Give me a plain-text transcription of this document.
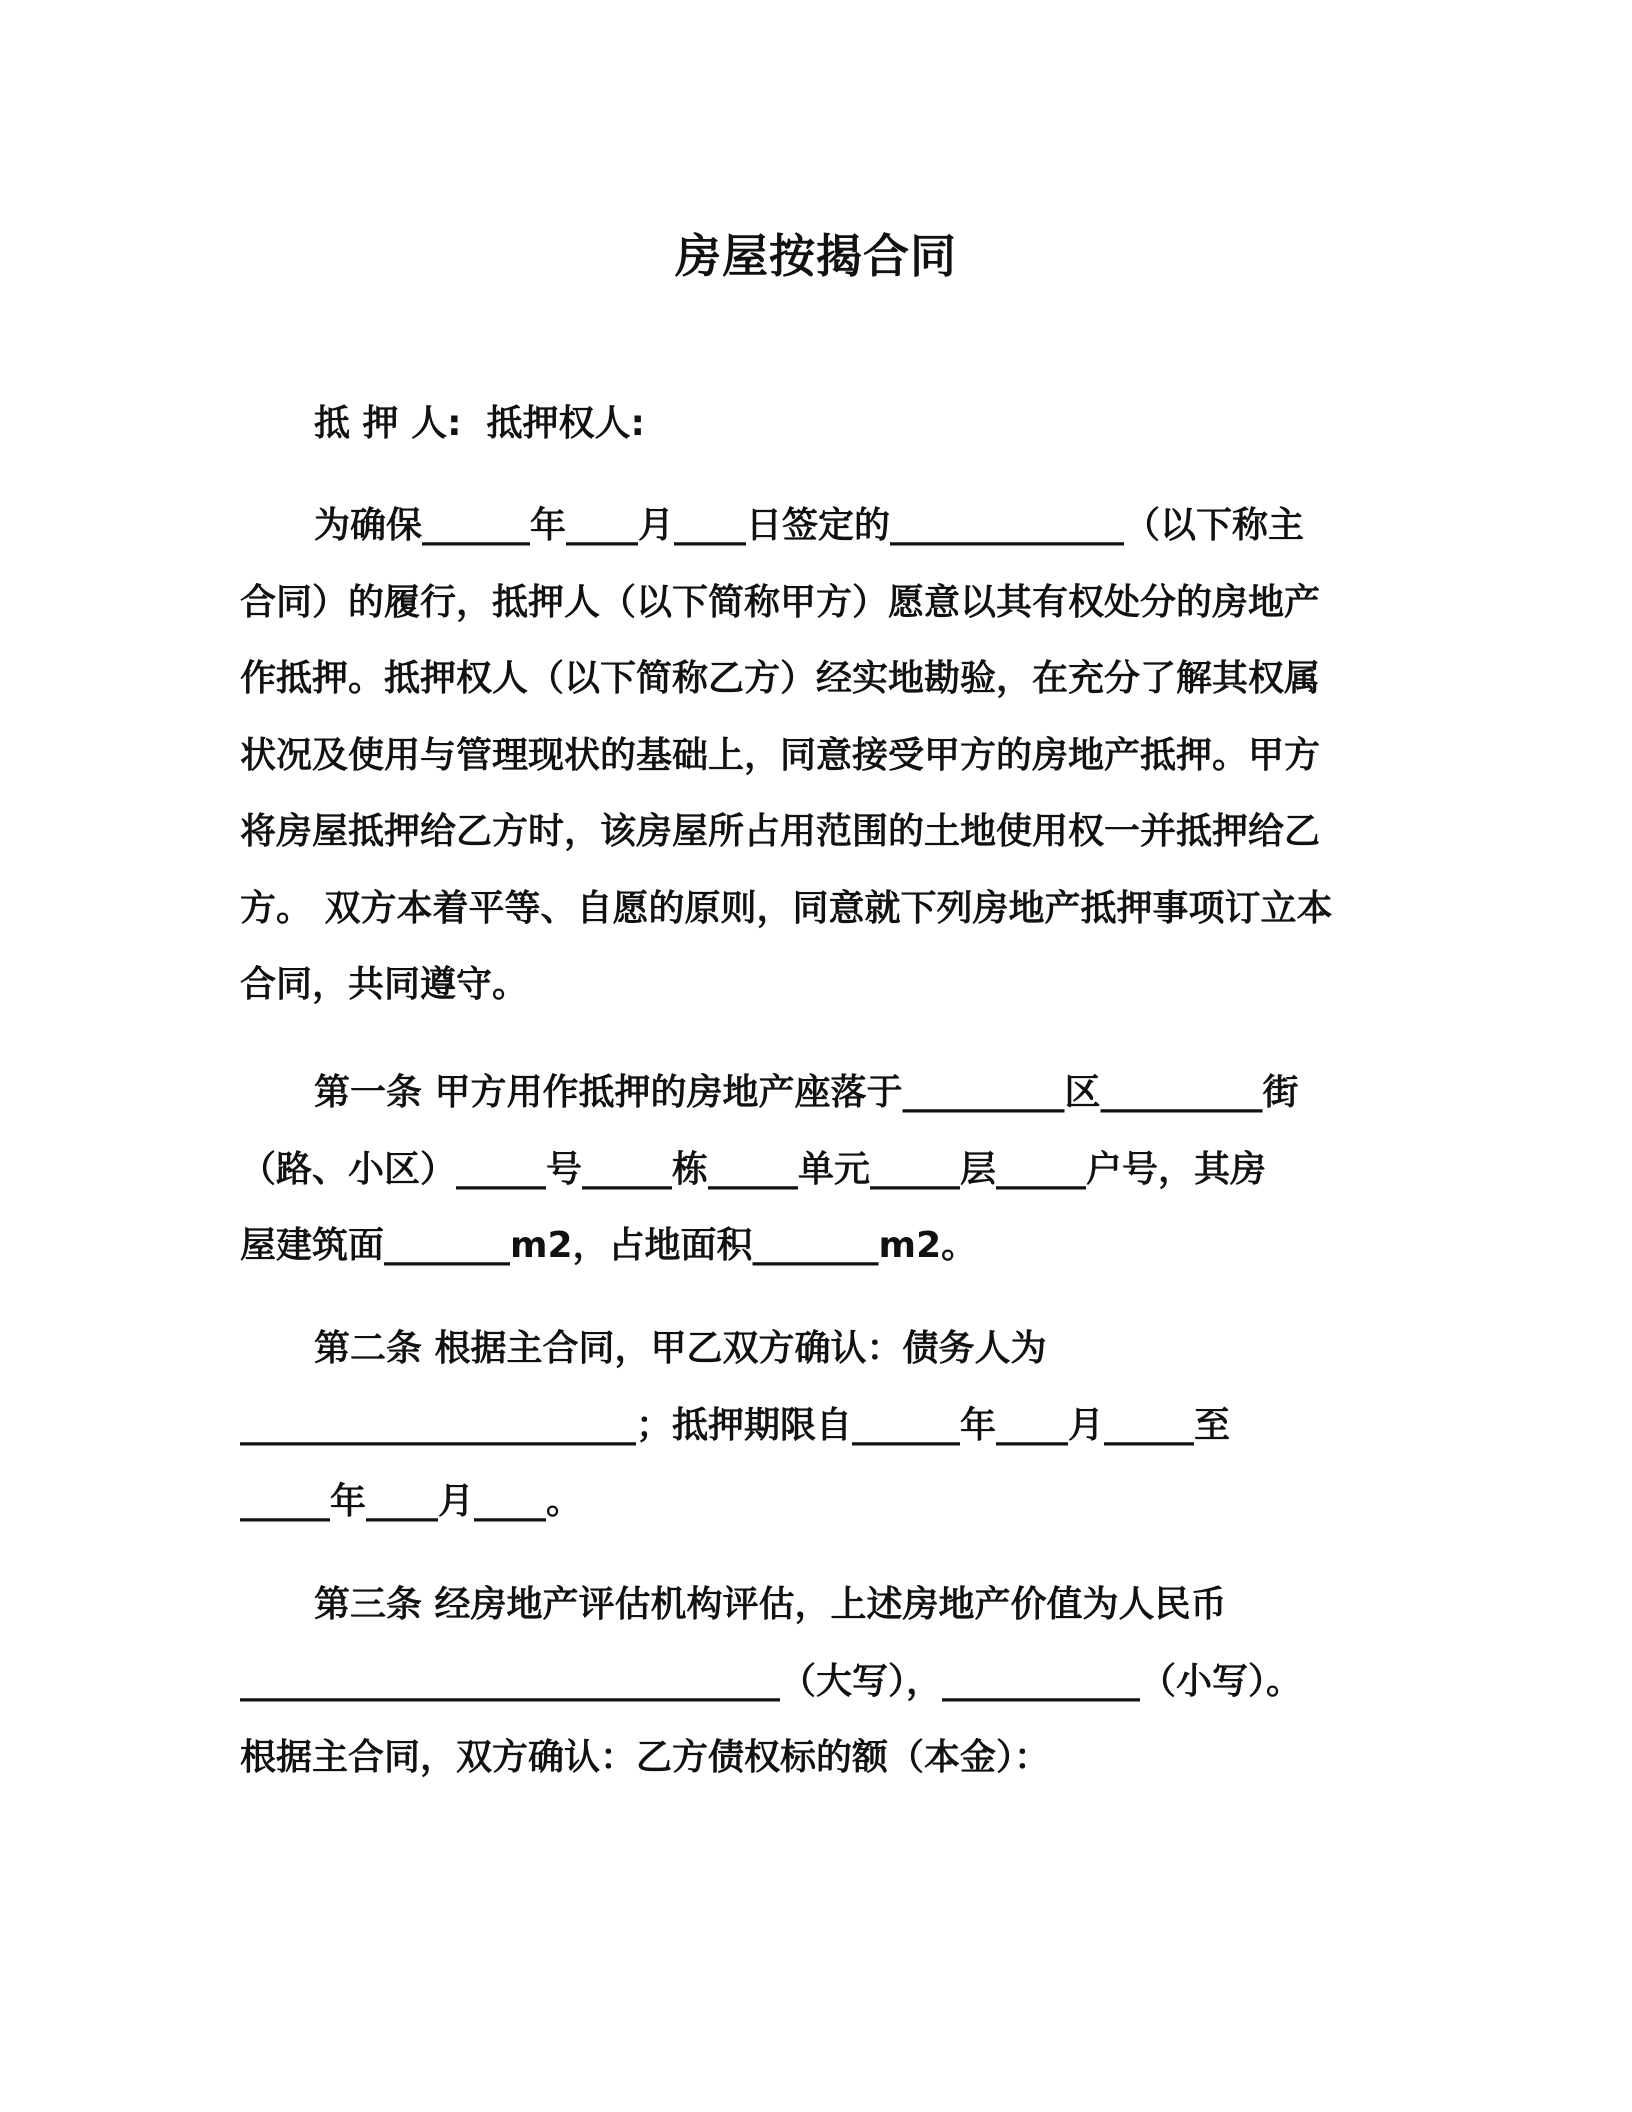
房屋按揭合同
抵 押 人:  抵押权人:
为确保______年____月____日签定的_____________（以下称主
合同）的履行，抵押人（以下简称甲方）愿意以其有权处分的房地产
作抵押。抵押权人（以下简称乙方）经实地勘验，在充分了解其权属
状况及使用与管理现状的基础上，同意接受甲方的房地产抵押。甲方
将房屋抵押给乙方时，该房屋所占用范围的土地使用权一并抵押给乙
方。 双方本着平等、自愿的原则，同意就下列房地产抵押事项订立本
合同，共同遵守。
第一条 甲方用作抵押的房地产座落于_________区_________街
（路、小区）_____号_____栋_____单元_____层_____户号，其房
屋建筑面_______m2，占地面积_______m2。
第二条 根据主合同，甲乙双方确认：债务人为
______________________；抵押期限自______年____月_____至
_____年____月____。
第三条 经房地产评估机构评估，上述房地产价值为人民币
______________________________（大写），___________（小写）。
根据主合同，双方确认：乙方债权标的额（本金）：
